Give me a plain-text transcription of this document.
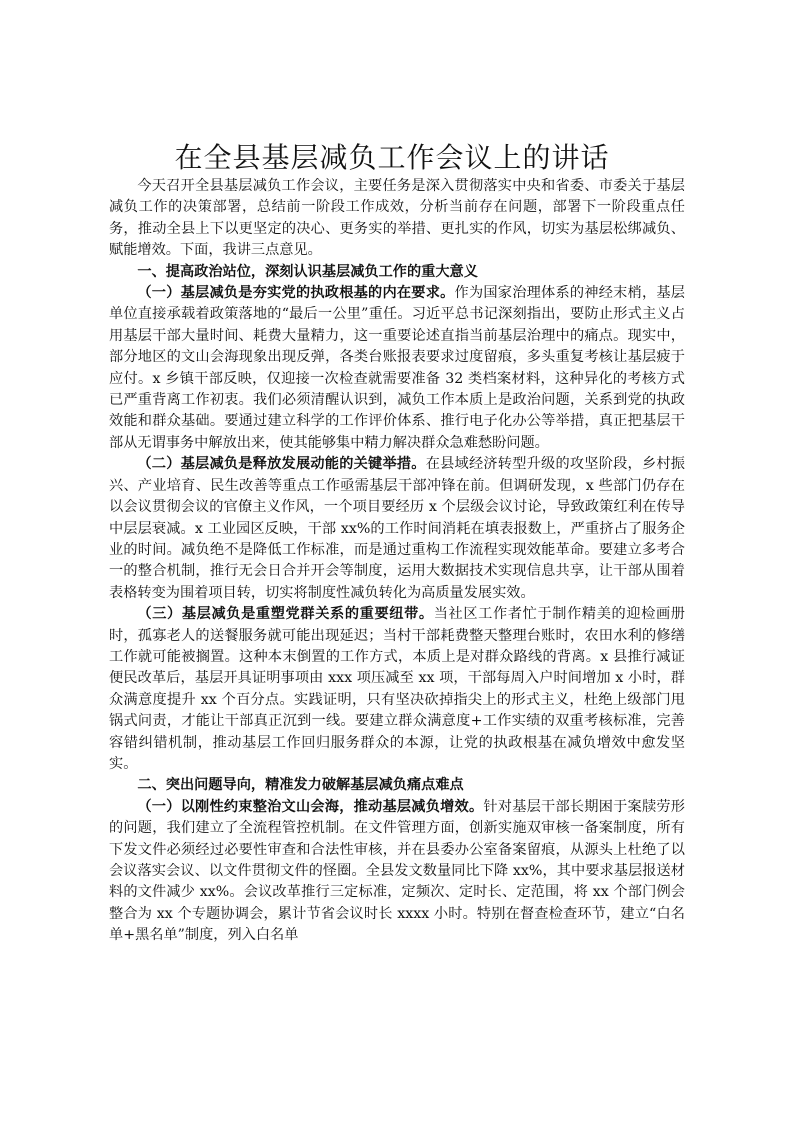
在全县基层减负工作会议上的讲话

今天召开全县基层减负工作会议，主要任务是深入贯彻落实中央和省委、市委关于基层减负工作的决策部署，总结前一阶段工作成效，分析当前存在问题，部署下一阶段重点任务，推动全县上下以更坚定的决心、更务实的举措、更扎实的作风，切实为基层松绑减负、赋能增效。下面，我讲三点意见。

一、提高政治站位，深刻认识基层减负工作的重大意义

（一）基层减负是夯实党的执政根基的内在要求。作为国家治理体系的神经末梢，基层单位直接承载着政策落地的“最后一公里”重任。习近平总书记深刻指出，要防止形式主义占用基层干部大量时间、耗费大量精力，这一重要论述直指当前基层治理中的痛点。现实中，部分地区的文山会海现象出现反弹，各类台账报表要求过度留痕，多头重复考核让基层疲于应付。x 乡镇干部反映，仅迎接一次检查就需要准备 32 类档案材料，这种异化的考核方式已严重背离工作初衷。我们必须清醒认识到，减负工作本质上是政治问题，关系到党的执政效能和群众基础。要通过建立科学的工作评价体系、推行电子化办公等举措，真正把基层干部从无谓事务中解放出来，使其能够集中精力解决群众急难愁盼问题。

（二）基层减负是释放发展动能的关键举措。在县域经济转型升级的攻坚阶段，乡村振兴、产业培育、民生改善等重点工作亟需基层干部冲锋在前。但调研发现，x 些部门仍存在以会议贯彻会议的官僚主义作风，一个项目要经历 x 个层级会议讨论，导致政策红利在传导中层层衰减。x 工业园区反映，干部 xx%的工作时间消耗在填表报数上，严重挤占了服务企业的时间。减负绝不是降低工作标准，而是通过重构工作流程实现效能革命。要建立多考合一的整合机制，推行无会日合并开会等制度，运用大数据技术实现信息共享，让干部从围着表格转变为围着项目转，切实将制度性减负转化为高质量发展实效。

（三）基层减负是重塑党群关系的重要纽带。当社区工作者忙于制作精美的迎检画册时，孤寡老人的送餐服务就可能出现延迟；当村干部耗费整天整理台账时，农田水利的修缮工作就可能被搁置。这种本末倒置的工作方式，本质上是对群众路线的背离。x 县推行减证便民改革后，基层开具证明事项由 xxx 项压减至 xx 项，干部每周入户时间增加 x 小时，群众满意度提升 xx 个百分点。实践证明，只有坚决砍掉指尖上的形式主义，杜绝上级部门甩锅式问责，才能让干部真正沉到一线。要建立群众满意度+工作实绩的双重考核标准，完善容错纠错机制，推动基层工作回归服务群众的本源，让党的执政根基在减负增效中愈发坚实。

二、突出问题导向，精准发力破解基层减负痛点难点

（一）以刚性约束整治文山会海，推动基层减负增效。针对基层干部长期困于案牍劳形的问题，我们建立了全流程管控机制。在文件管理方面，创新实施双审核一备案制度，所有下发文件必须经过必要性审查和合法性审核，并在县委办公室备案留痕，从源头上杜绝了以会议落实会议、以文件贯彻文件的怪圈。全县发文数量同比下降 xx%，其中要求基层报送材料的文件减少 xx%。会议改革推行三定标准，定频次、定时长、定范围，将 xx 个部门例会整合为 xx 个专题协调会，累计节省会议时长 xxxx 小时。特别在督查检查环节，建立“白名单+黑名单”制度，列入白名单
